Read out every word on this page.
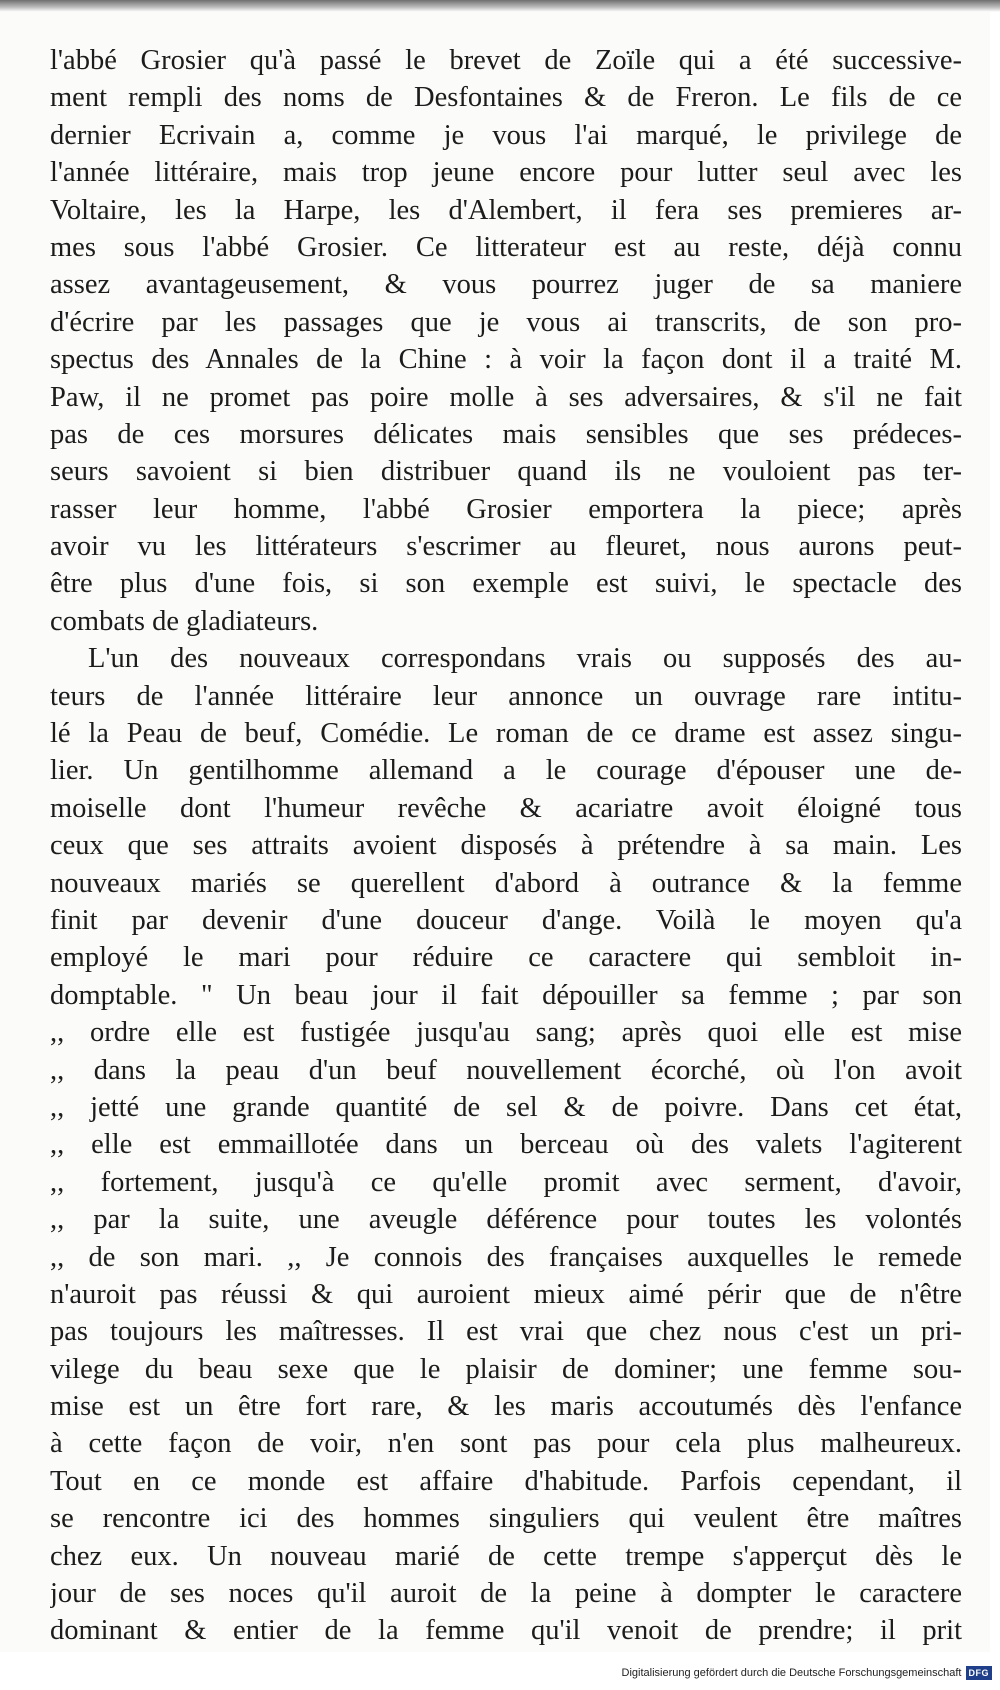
l'abbé Grosier qu'à passé le brevet de Zoïle qui a été successive-
ment rempli des noms de Desfontaines & de Freron. Le fils de ce
dernier Ecrivain a, comme je vous l'ai marqué, le privilege de
l'année littéraire, mais trop jeune encore pour lutter seul avec les
Voltaire, les la Harpe, les d'Alembert, il fera ses premieres ar-
mes sous l'abbé Grosier. Ce litterateur est au reste, déjà connu
assez avantageusement, & vous pourrez juger de sa maniere
d'écrire par les passages que je vous ai transcrits, de son pro-
spectus des Annales de la Chine : à voir la façon dont il a traité M.
Paw, il ne promet pas poire molle à ses adversaires, & s'il ne fait
pas de ces morsures délicates mais sensibles que ses prédeces-
seurs savoient si bien distribuer quand ils ne vouloient pas ter-
rasser leur homme, l'abbé Grosier emportera la piece; après
avoir vu les littérateurs s'escrimer au fleuret, nous aurons peut-
être plus d'une fois, si son exemple est suivi, le spectacle des
combats de gladiateurs.
L'un des nouveaux correspondans vrais ou supposés des au-
teurs de l'année littéraire leur annonce un ouvrage rare intitu-
lé la Peau de beuf, Comédie. Le roman de ce drame est assez singu-
lier. Un gentilhomme allemand a le courage d'épouser une de-
moiselle dont l'humeur revêche & acariatre avoit éloigné tous
ceux que ses attraits avoient disposés à prétendre à sa main. Les
nouveaux mariés se querellent d'abord à outrance & la femme
finit par devenir d'une douceur d'ange. Voilà le moyen qu'a
employé le mari pour réduire ce caractere qui sembloit in-
domptable. " Un beau jour il fait dépouiller sa femme ; par son
,, ordre elle est fustigée jusqu'au sang; après quoi elle est mise
,, dans la peau d'un beuf nouvellement écorché, où l'on avoit
,, jetté une grande quantité de sel & de poivre. Dans cet état,
,, elle est emmaillotée dans un berceau où des valets l'agiterent
,, fortement, jusqu'à ce qu'elle promit avec serment, d'avoir,
,, par la suite, une aveugle déférence pour toutes les volontés
,, de son mari. ,, Je connois des françaises auxquelles le remede
n'auroit pas réussi & qui auroient mieux aimé périr que de n'être
pas toujours les maîtresses. Il est vrai que chez nous c'est un pri-
vilege du beau sexe que le plaisir de dominer; une femme sou-
mise est un être fort rare, & les maris accoutumés dès l'enfance
à cette façon de voir, n'en sont pas pour cela plus malheureux.
Tout en ce monde est affaire d'habitude. Parfois cependant, il
se rencontre ici des hommes singuliers qui veulent être maîtres
chez eux. Un nouveau marié de cette trempe s'apperçut dès le
jour de ses noces qu'il auroit de la peine à dompter le caractere
dominant & entier de la femme qu'il venoit de prendre; il prit
Digitalisierung gefördert durch die Deutsche Forschungsgemeinschaft DFG
